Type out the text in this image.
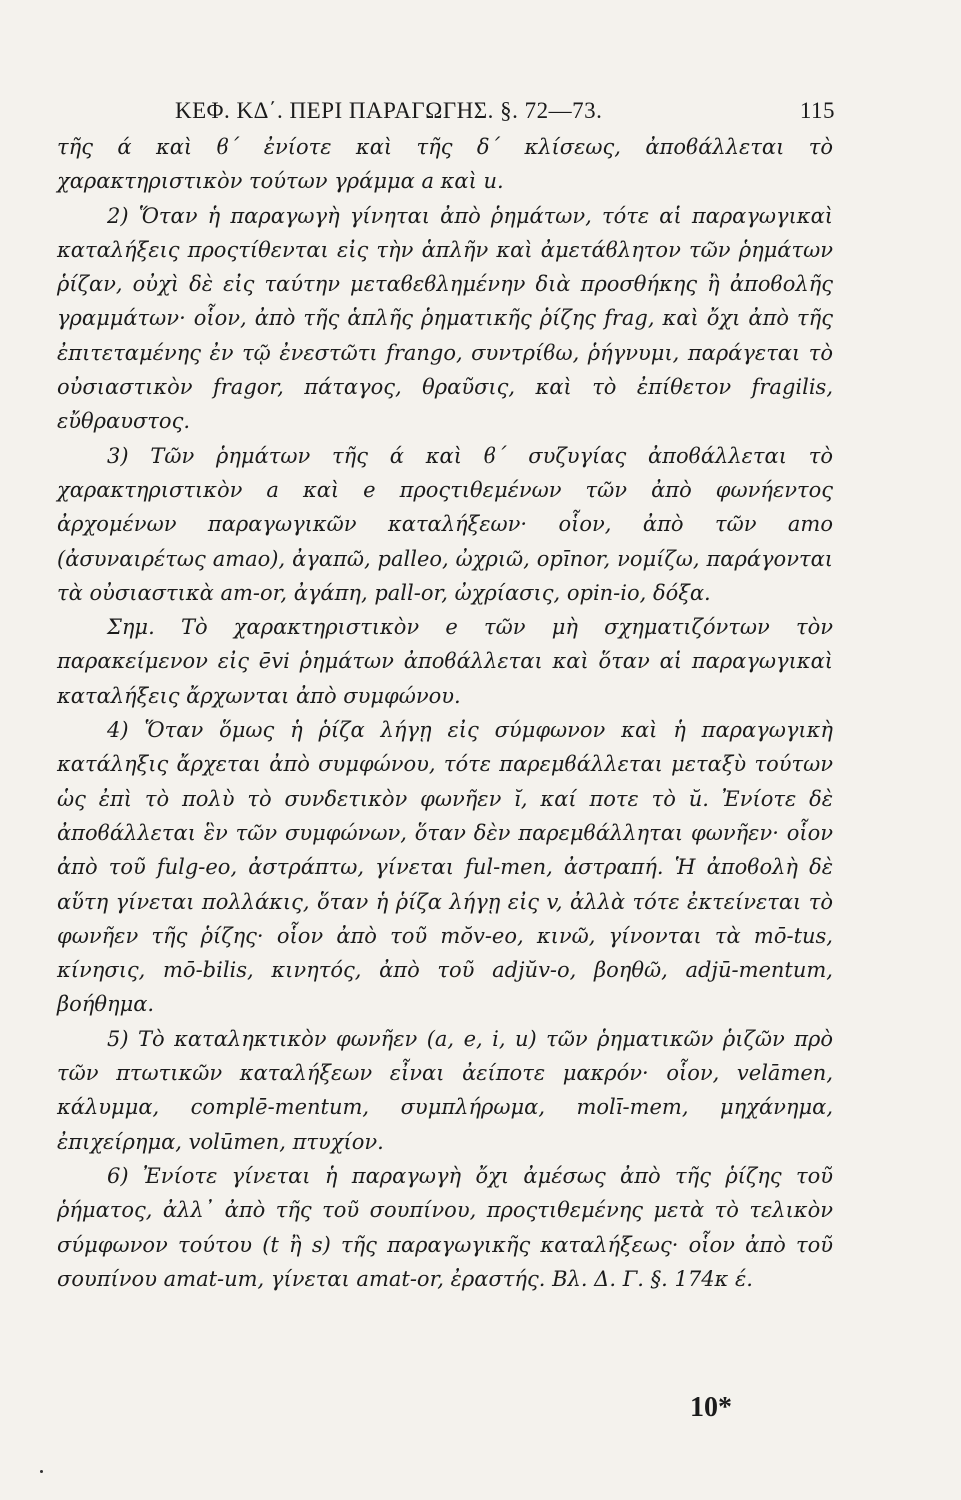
ΚΕΦ. ΚΔ΄. ΠΕΡΙ ΠΑΡΑΓΩΓΗΣ. §. 72—73.	115

τῆς ά καὶ ϐ΄ ἐνίοτε καὶ τῆς δ΄ κλίσεως, ἀποϐάλλεται τὸ χαρακτηριστικὸν τούτων γράμμα a καὶ u.

2) Ὅταν ἡ παραγωγὴ γίνηται ἀπὸ ῥημάτων, τότε αἱ παραγωγικαὶ καταλήξεις προςτίθενται εἰς τὴν ἁπλῆν καὶ ἀμετάϐλητον τῶν ῥημάτων ῥίζαν, οὐχὶ δὲ εἰς ταύτην μεταϐεϐλημένην διὰ προσθήκης ἢ ἀποϐολῆς γραμμάτων· οἷον, ἀπὸ τῆς ἁπλῆς ῥηματικῆς ῥίζης frag, καὶ ὄχι ἀπὸ τῆς ἐπιτεταμένης ἐν τῷ ἐνεστῶτι frango, συντρίϐω, ῥήγνυμι, παράγεται τὸ οὐσιαστικὸν fragor, πάταγος, θραῦσις, καὶ τὸ ἐπίθετον fragilis, εὔθραυστος.

3) Τῶν ῥημάτων τῆς ά καὶ ϐ΄ συζυγίας ἀποϐάλλεται τὸ χαρακτηριστικὸν a καὶ e προςτιθεμένων τῶν ἀπὸ φωνήεντος ἀρχομένων παραγωγικῶν καταλήξεων· οἷον, ἀπὸ τῶν amo (ἀσυναιρέτως amao), ἀγαπῶ, palleo, ὠχριῶ, opīnor, νομίζω, παράγονται τὰ οὐσιαστικὰ am-or, ἀγάπη, pall-or, ὠχρίασις, opin-io, δόξα.

Σημ. Τὸ χαρακτηριστικὸν e τῶν μὴ σχηματιζόντων τὸν παρακείμενον εἰς ēvi ῥημάτων ἀποϐάλλεται καὶ ὅταν αἱ παραγωγικαὶ καταλήξεις ἄρχωνται ἀπὸ συμφώνου.

4) Ὅταν ὅμως ἡ ῥίζα λήγῃ εἰς σύμφωνον καὶ ἡ παραγωγικὴ κατάληξις ἄρχεται ἀπὸ συμφώνου, τότε παρεμϐάλλεται μεταξὺ τούτων ὡς ἐπὶ τὸ πολὺ τὸ συνδετικὸν φωνῆεν ĭ, καί ποτε τὸ ŭ. Ἐνίοτε δὲ ἀποϐάλλεται ἓν τῶν συμφώνων, ὅταν δὲν παρεμϐάλληται φωνῆεν· οἷον ἀπὸ τοῦ fulg-eo, ἀστράπτω, γίνεται ful-men, ἀστραπή. Ἡ ἀποϐολὴ δὲ αὕτη γίνεται πολλάκις, ὅταν ἡ ῥίζα λήγῃ εἰς v, ἀλλὰ τότε ἐκτείνεται τὸ φωνῆεν τῆς ῥίζης· οἷον ἀπὸ τοῦ mŏv-eo, κινῶ, γίνονται τὰ mō-tus, κίνησις, mō-bilis, κινητός, ἀπὸ τοῦ adjŭv-o, βοηθῶ, adjū-mentum, βοήθημα.

5) Τὸ καταληκτικὸν φωνῆεν (a, e, i, u) τῶν ῥηματικῶν ῥιζῶν πρὸ τῶν πτωτικῶν καταλήξεων εἶναι ἀείποτε μακρόν· οἷον, velāmen, κάλυμμα, complē-mentum, συμπλήρωμα, molī-mem, μηχάνημα, ἐπιχείρημα, volūmen, πτυχίον.

6) Ἐνίοτε γίνεται ἡ παραγωγὴ ὄχι ἀμέσως ἀπὸ τῆς ῥίζης τοῦ ῥήματος, ἀλλ᾽ ἀπὸ τῆς τοῦ σουπίνου, προςτιθεμένης μετὰ τὸ τελικὸν σύμφωνον τούτου (t ἢ s) τῆς παραγωγικῆς καταλήξεως· οἷον ἀπὸ τοῦ σουπίνου amat-um, γίνεται amat-or, ἐραστής. Βλ. Δ. Γ. §. 174κ έ.

10*
